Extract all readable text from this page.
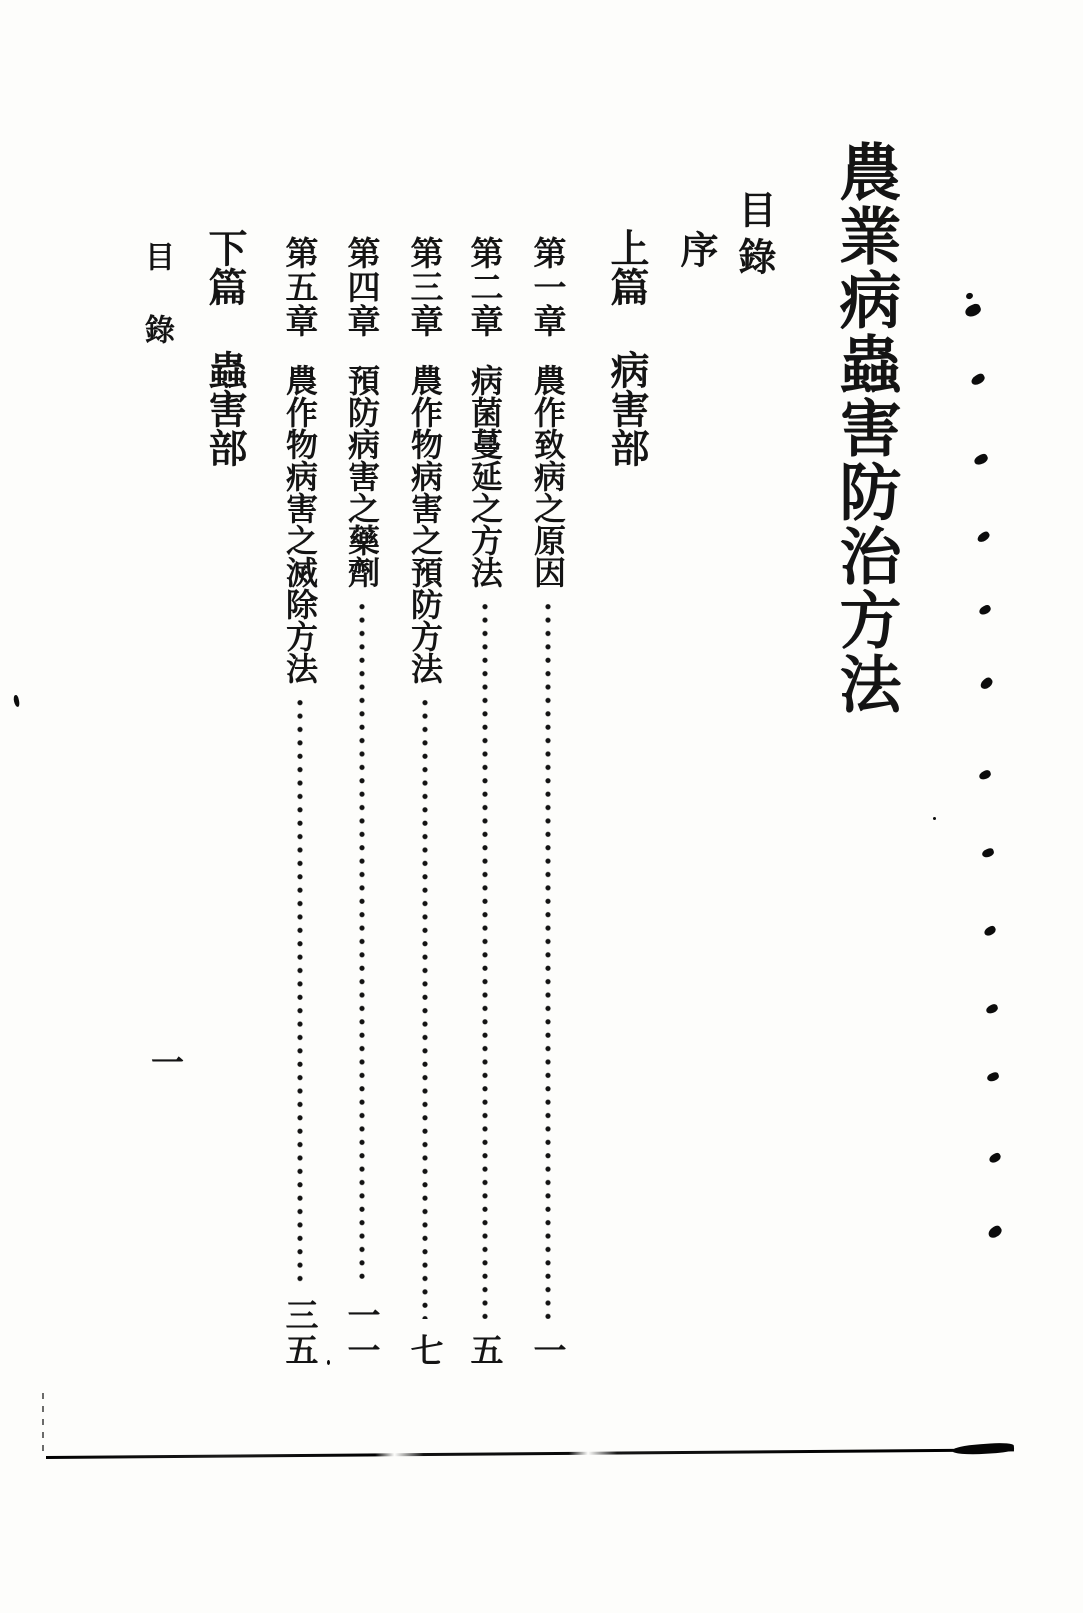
農業病蟲害防治方法
目錄
序
上篇
病害部
第一章
農作致病之原因
一
第二章
病菌蔓延之方法
五
第三章
農作物病害之預防方法
七
第四章
預防病害之藥劑
一一
第五章
農作物病害之滅除方法
三五
下篇
蟲害部
目錄
一
